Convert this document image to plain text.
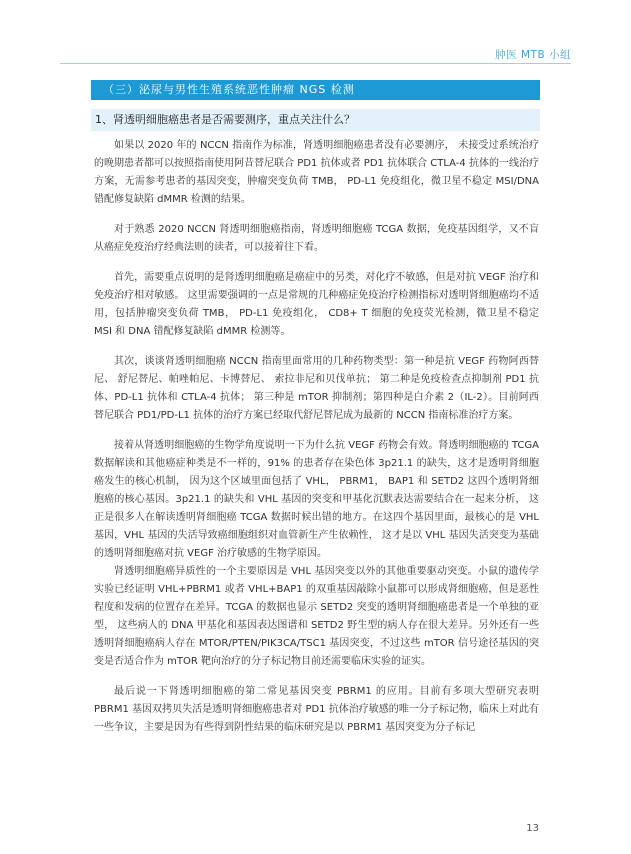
肿医 MTB 小组
（三）泌尿与男性生殖系统恶性肿瘤 NGS 检测
1、肾透明细胞癌患者是否需要测序，重点关注什么？

如果以 2020 年的 NCCN 指南作为标准，肾透明细胞癌患者没有必要测序， 未接受过系统治疗的晚期患者都可以按照指南使用阿昔替尼联合 PD1 抗体或者 PD1 抗体联合 CTLA-4 抗体的一线治疗方案，无需参考患者的基因突变，肿瘤突变负荷 TMB， PD-L1 免疫组化，微卫星不稳定 MSI/DNA 错配修复缺陷 dMMR 检测的结果。

对于熟悉 2020 NCCN 肾透明细胞癌指南，肾透明细胞癌 TCGA 数据，免疫基因组学，又不盲从癌症免疫治疗经典法则的读者，可以接着往下看。

首先，需要重点说明的是肾透明细胞癌是癌症中的另类，对化疗不敏感，但是对抗 VEGF 治疗和免疫治疗相对敏感。 这里需要强调的一点是常规的几种癌症免疫治疗检测指标对透明肾细胞癌均不适用，包括肿瘤突变负荷 TMB， PD-L1 免疫组化， CD8+ T 细胞的免疫荧光检测，微卫星不稳定 MSI 和 DNA 错配修复缺陷 dMMR 检测等。

其次，谈谈肾透明细胞癌 NCCN 指南里面常用的几种药物类型：第一种是抗 VEGF 药物阿西替尼、 舒尼替尼、帕唑帕尼、卡博替尼、 索拉非尼和贝伐单抗； 第二种是免疫检查点抑制剂 PD1 抗体、PD-L1 抗体和 CTLA-4 抗体； 第三种是 mTOR 抑制剂；第四种是白介素 2（IL-2）。目前阿西替尼联合 PD1/PD-L1 抗体的治疗方案已经取代舒尼替尼成为最新的 NCCN 指南标准治疗方案。

接着从肾透明细胞癌的生物学角度说明一下为什么抗 VEGF 药物会有效。肾透明细胞癌的 TCGA 数据解读和其他癌症种类是不一样的，91% 的患者存在染色体 3p21.1 的缺失，这才是透明肾细胞癌发生的核心机制， 因为这个区域里面包括了 VHL， PBRM1， BAP1 和 SETD2 这四个透明肾细胞癌的核心基因。3p21.1 的缺失和 VHL 基因的突变和甲基化沉默表达需要结合在一起来分析， 这正是很多人在解读透明肾细胞癌 TCGA 数据时候出错的地方。在这四个基因里面，最核心的是 VHL 基因，VHL 基因的失活导致癌细胞组织对血管新生产生依赖性， 这才是以 VHL 基因失活突变为基础的透明肾细胞癌对抗 VEGF 治疗敏感的生物学原因。

肾透明细胞癌异质性的一个主要原因是 VHL 基因突变以外的其他重要驱动突变。小鼠的遗传学实验已经证明 VHL+PBRM1 或者 VHL+BAP1 的双重基因敲除小鼠都可以形成肾细胞癌，但是恶性程度和发病的位置存在差异。TCGA 的数据也显示 SETD2 突变的透明肾细胞癌患者是一个单独的亚型， 这些病人的 DNA 甲基化和基因表达图谱和 SETD2 野生型的病人存在很大差异。另外还有一些透明肾细胞癌病人存在 MTOR/PTEN/PIK3CA/TSC1 基因突变，不过这些 mTOR 信号途径基因的突变是否适合作为 mTOR 靶向治疗的分子标记物目前还需要临床实验的证实。

最后说一下肾透明细胞癌的第二常见基因突变 PBRM1 的应用。目前有多项大型研究表明 PBRM1 基因双拷贝失活是透明肾细胞癌患者对 PD1 抗体治疗敏感的唯一分子标记物，临床上对此有一些争议，主要是因为有些得到阴性结果的临床研究是以 PBRM1 基因突变为分子标记

13
